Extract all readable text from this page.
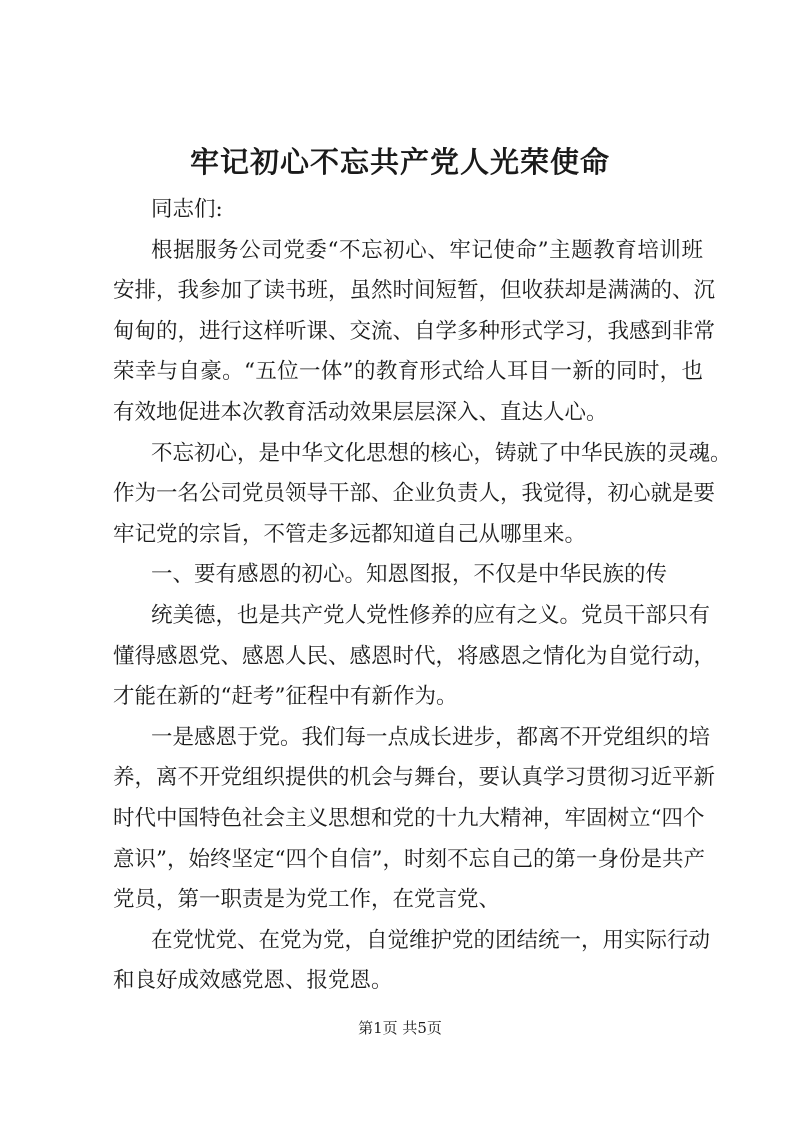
牢记初心不忘共产党人光荣使命
同志们:
根据服务公司党委“不忘初心、牢记使命”主题教育培训班
安排，我参加了读书班，虽然时间短暂，但收获却是满满的、沉
甸甸的，进行这样听课、交流、自学多种形式学习，我感到非常
荣幸与自豪。“五位一体”的教育形式给人耳目一新的同时，也
有效地促进本次教育活动效果层层深入、直达人心。
不忘初心，是中华文化思想的核心，铸就了中华民族的灵魂。
作为一名公司党员领导干部、企业负责人，我觉得，初心就是要
牢记党的宗旨，不管走多远都知道自己从哪里来。
一、要有感恩的初心。知恩图报，不仅是中华民族的传
统美德，也是共产党人党性修养的应有之义。党员干部只有
懂得感恩党、感恩人民、感恩时代，将感恩之情化为自觉行动，
才能在新的“赶考”征程中有新作为。
一是感恩于党。我们每一点成长进步，都离不开党组织的培
养，离不开党组织提供的机会与舞台，要认真学习贯彻习近平新
时代中国特色社会主义思想和党的十九大精神，牢固树立“四个
意识”，始终坚定“四个自信”，时刻不忘自己的第一身份是共产
党员，第一职责是为党工作，在党言党、
在党忧党、在党为党，自觉维护党的团结统一，用实际行动
和良好成效感党恩、报党恩。
第1页 共5页
